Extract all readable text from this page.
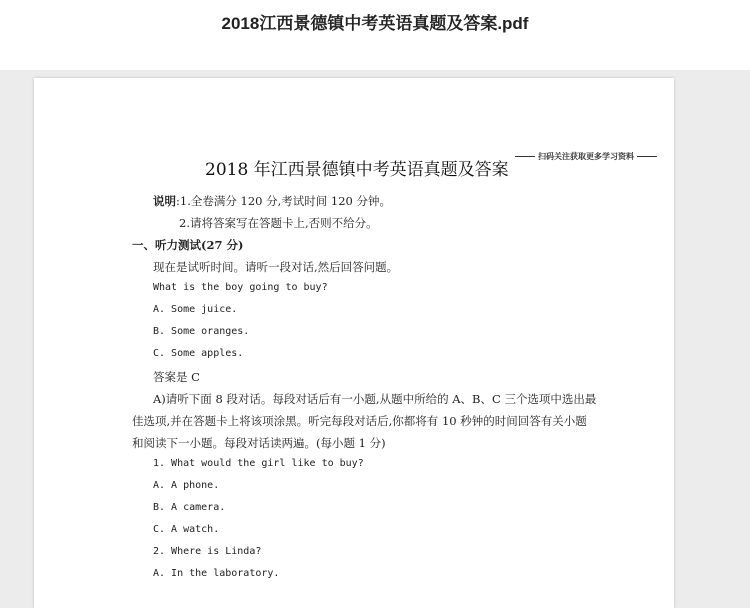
2018江西景德镇中考英语真题及答案.pdf
2018 年江西景德镇中考英语真题及答案
扫码关注获取更多学习资料
说明:1.全卷满分 120 分,考试时间 120 分钟。
2.请将答案写在答题卡上,否则不给分。
一、听力测试(27 分)
现在是试听时间。请听一段对话,然后回答问题。
What is the boy going to buy?
A. Some juice.
B. Some oranges.
C. Some apples.
答案是 C
A)请听下面 8 段对话。每段对话后有一小题,从题中所给的 A、B、C 三个选项中选出最
佳选项,并在答题卡上将该项涂黑。听完每段对话后,你都将有 10 秒钟的时间回答有关小题
和阅读下一小题。每段对话读两遍。(每小题 1 分)
1. What would the girl like to buy?
A. A phone.
B. A camera.
C. A watch.
2. Where is Linda?
A. In the laboratory.
